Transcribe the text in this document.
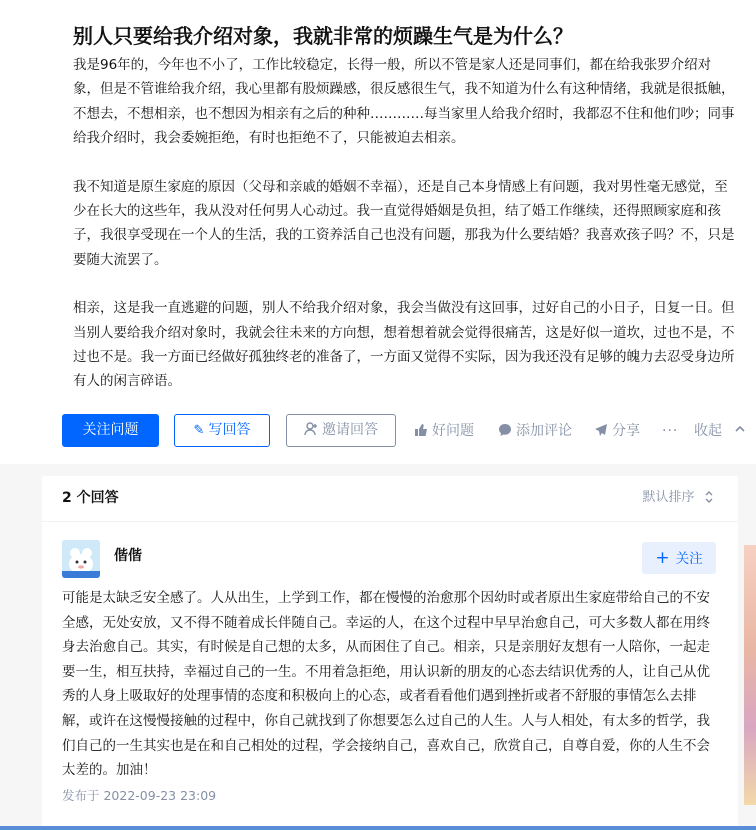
别人只要给我介绍对象，我就非常的烦躁生气是为什么？

我是96年的，今年也不小了，工作比较稳定，长得一般，所以不管是家人还是同事们，都在给我张罗介绍对象，但是不管谁给我介绍，我心里都有股烦躁感，很反感很生气，我不知道为什么有这种情绪，我就是很抵触，不想去，不想相亲，也不想因为相亲有之后的种种…………每当家里人给我介绍时，我都忍不住和他们吵；同事给我介绍时，我会委婉拒绝，有时也拒绝不了，只能被迫去相亲。

我不知道是原生家庭的原因（父母和亲戚的婚姻不幸福），还是自己本身情感上有问题，我对男性毫无感觉，至少在长大的这些年，我从没对任何男人心动过。我一直觉得婚姻是负担，结了婚工作继续，还得照顾家庭和孩子，我很享受现在一个人的生活，我的工资养活自己也没有问题，那我为什么要结婚？我喜欢孩子吗？不，只是要随大流罢了。

相亲，这是我一直逃避的问题，别人不给我介绍对象，我会当做没有这回事，过好自己的小日子，日复一日。但当别人要给我介绍对象时，我就会往未来的方向想，想着想着就会觉得很痛苦，这是好似一道坎，过也不是，不过也不是。我一方面已经做好孤独终老的准备了，一方面又觉得不实际，因为我还没有足够的魄力去忍受身边所有人的闲言碎语。

关注问题	✎ 写回答	邀请回答	好问题	添加评论	分享 ··· 收起
2 个回答	默认排序
偕偕	+ 关注
可能是太缺乏安全感了。人从出生，上学到工作，都在慢慢的治愈那个因幼时或者原出生家庭带给自己的不安全感，无处安放，又不得不随着成长伴随自己。幸运的人，在这个过程中早早治愈自己，可大多数人都在用终身去治愈自己。其实，有时候是自己想的太多，从而困住了自己。相亲，只是亲朋好友想有一人陪你，一起走要一生，相互扶持，幸福过自己的一生。不用着急拒绝，用认识新的朋友的心态去结识优秀的人，让自己从优秀的人身上吸取好的处理事情的态度和积极向上的心态，或者看看他们遇到挫折或者不舒服的事情怎么去排解，或许在这慢慢接触的过程中，你自己就找到了你想要怎么过自己的人生。人与人相处，有太多的哲学，我们自己的一生其实也是在和自己相处的过程，学会接纳自己，喜欢自己，欣赏自己，自尊自爱，你的人生不会太差的。加油！
发布于 2022-09-23 23:09
